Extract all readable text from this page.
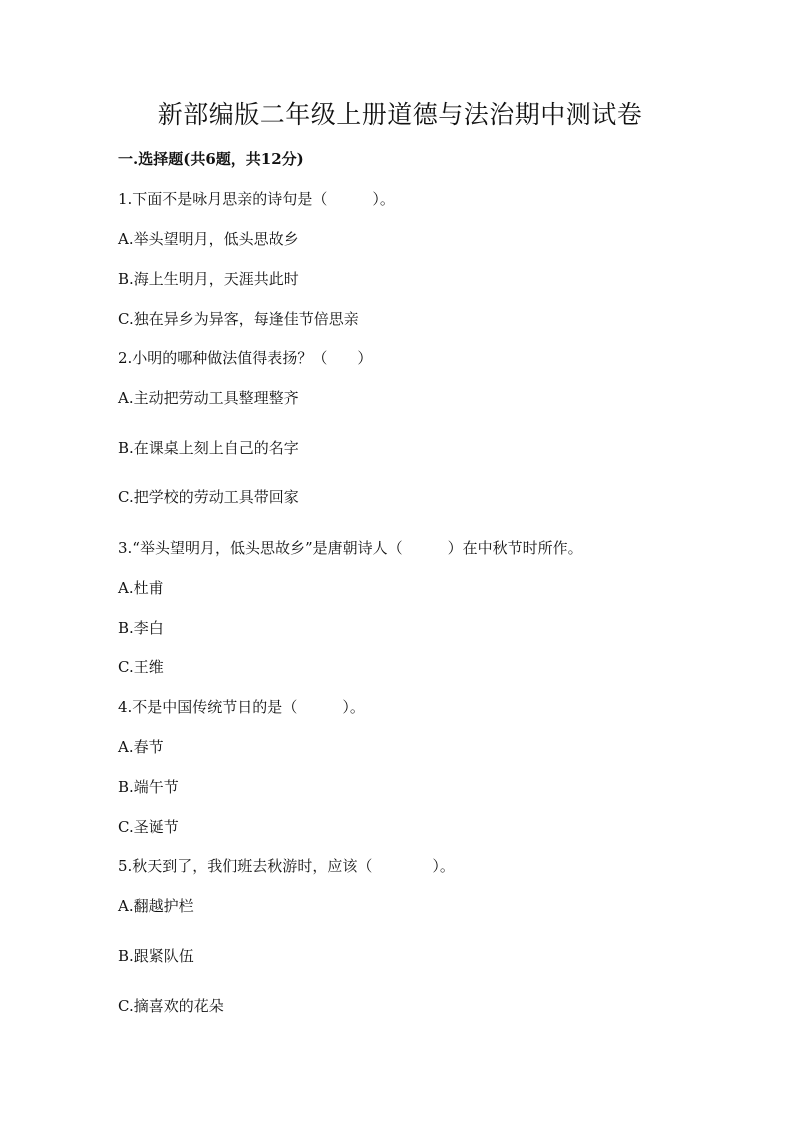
新部编版二年级上册道德与法治期中测试卷
一.选择题(共6题，共12分)
1.下面不是咏月思亲的诗句是（　　　）。
A.举头望明月，低头思故乡
B.海上生明月，天涯共此时
C.独在异乡为异客，每逢佳节倍思亲
2.小明的哪种做法值得表扬？（　　）
A.主动把劳动工具整理整齐
B.在课桌上刻上自己的名字
C.把学校的劳动工具带回家
3.“举头望明月，低头思故乡”是唐朝诗人（　　　）在中秋节时所作。
A.杜甫
B.李白
C.王维
4.不是中国传统节日的是（　　　）。
A.春节
B.端午节
C.圣诞节
5.秋天到了，我们班去秋游时，应该（　　　　）。
A.翻越护栏
B.跟紧队伍
C.摘喜欢的花朵
